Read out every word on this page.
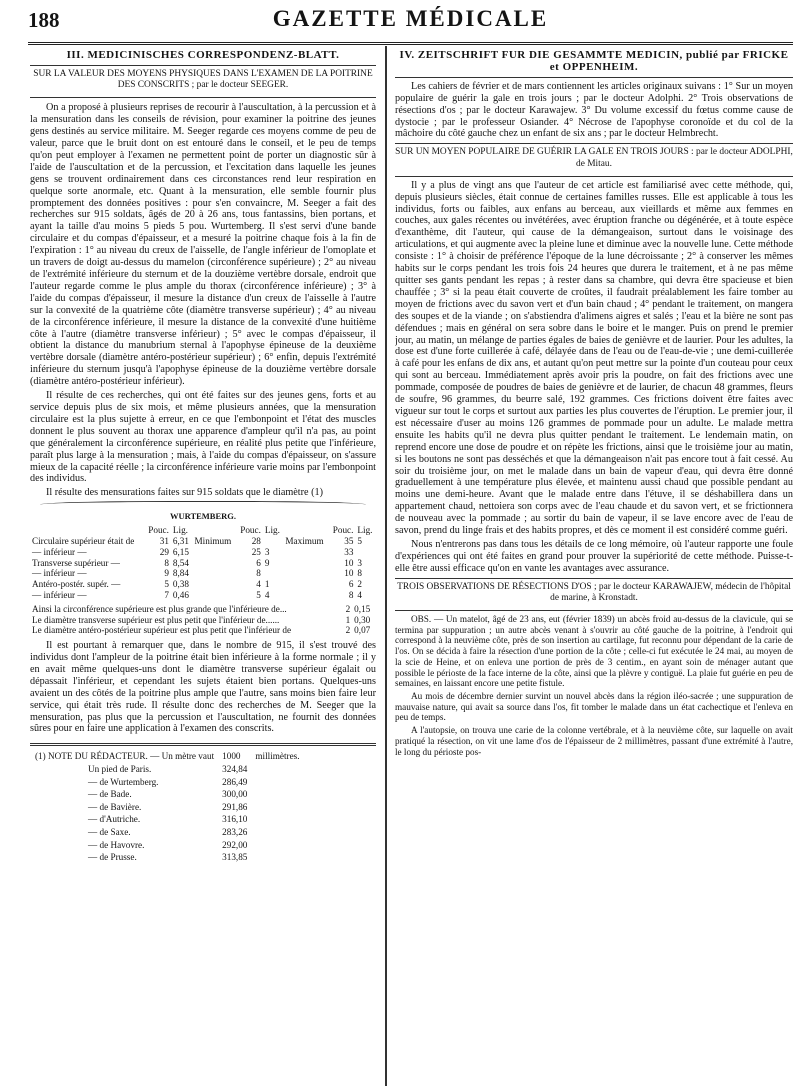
188	GAZETTE MÉDICALE
III. MEDICINISCHES CORRESPONDENZ-BLATT.
SUR LA VALEUR DES MOYENS PHYSIQUES DANS L'EXAMEN DE LA POITRINE DES CONSCRITS ; par le docteur SEEGER.

On a proposé à plusieurs reprises de recourir à l'auscultation, à la percussion et à la mensuration dans les conseils de révision, pour examiner la poitrine des jeunes gens destinés au service militaire. M. Seeger regarde ces moyens comme de peu de valeur, parce que le bruit dont on est entouré dans le conseil, et le peu de temps qu'on peut employer à l'examen ne permettent point de porter un diagnostic sûr à l'aide de l'auscultation et de la percussion, et l'excitation dans laquelle les jeunes gens se trouvent ordinairement dans ces circonstances rend leur respiration en quelque sorte anormale, etc. Quant à la mensuration, elle semble fournir plus promptement des données positives : pour s'en convaincre, M. Seeger a fait des recherches sur 915 soldats, âgés de 20 à 26 ans, tous fantassins, bien portans, et ayant la taille d'au moins 5 pieds 5 pou. Wurtemberg. Il s'est servi d'une bande circulaire et du compas d'épaisseur, et a mesuré la poitrine chaque fois à la fin de l'expiration : 1° au niveau du creux de l'aisselle, de l'angle inférieur de l'omoplate et un travers de doigt au-dessus du mamelon (circonférence supérieure) ; 2° au niveau de l'extrémité inférieure du sternum et de la douzième vertèbre dorsale, endroit que l'auteur regarde comme le plus ample du thorax (circonférence inférieure) ; 3° à l'aide du compas d'épaisseur, il mesure la distance d'un creux de l'aisselle à l'autre sur la convexité de la quatrième côte (diamètre transverse supérieur) ; 4° au niveau de la circonférence inférieure, il mesure la distance de la convexité d'une huitième côte à l'autre (diamètre transverse inférieur) ; 5° avec le compas d'épaisseur, il obtient la distance du manubrium sternal à l'apophyse épineuse de la deuxième vertèbre dorsale (diamètre antéro-postérieur supérieur) ; 6° enfin, depuis l'extrémité inférieure du sternum jusqu'à l'apophyse épineuse de la douzième vertèbre dorsale (diamètre antéro-postérieur inférieur).

Il résulte de ces recherches, qui ont été faites sur des jeunes gens, forts et au service depuis plus de six mois, et même plusieurs années, que la mensuration circulaire est la plus sujette à erreur, en ce que l'embonpoint et l'état des muscles donnent le plus souvent au thorax une apparence d'ampleur qu'il n'a pas, au point que généralement la circonférence supérieure, en réalité plus petite que l'inférieure, paraît plus large à la mensuration ; mais, à l'aide du compas d'épaisseur, on s'assure mieux de la capacité réelle ; la circonférence inférieure varie moins par l'embonpoint des individus.

Il résulte des mensurations faites sur 915 soldats que le diamètre (1)

WURTEMBERG.
	Pouc.	Lig.		Pouc.	Lig.		Pouc.	Lig.
Circulaire supérieur était de	31	6,31	Minimum	28		Maximum	35	5
— inférieur —	29	6,15		25	3		33	
Transverse supérieur —	8	8,54		6	9		10	3
— inférieur —	9	8,84		8			10	8
Antéro-postér. supér. —	5	0,38		4	1		6	2
— inférieur —	7	0,46		5	4		8	4
Ainsi la circonférence supérieure est plus grande que l'inférieure de...	2	0,15
Le diamètre transverse supérieur est plus petit que l'inférieur de......	1	0,30
Le diamètre antéro-postérieur supérieur est plus petit que l'inférieur de	2	0,07

Il est pourtant à remarquer que, dans le nombre de 915, il s'est trouvé des individus dont l'ampleur de la poitrine était bien inférieure à la forme normale ; il y en avait même quelques-uns dont le diamètre transverse supérieur égalait ou dépassait l'inférieur, et cependant les sujets étaient bien portans. Quelques-uns avaient un des côtés de la poitrine plus ample que l'autre, sans moins bien faire leur service, qui était très rude. Il résulte donc des recherches de M. Seeger que la mensuration, pas plus que la percussion et l'auscultation, ne fournit des données sûres pour en faire une application à l'examen des conscrits.

(1) NOTE DU RÉDACTEUR. — Un mètre vaut	1000	millimètres.
Un pied de Paris.	324,84	
— de Wurtemberg.	286,49	
— de Bade.	300,00	
— de Bavière.	291,86	
— d'Autriche.	316,10	
— de Saxe.	283,26	
— de Havovre.	292,00	
— de Prusse.	313,85	
IV. ZEITSCHRIFT FUR DIE GESAMMTE MEDICIN, publié par FRICKE et OPPENHEIM.

Les cahiers de février et de mars contiennent les articles originaux suivans : 1° Sur un moyen populaire de guérir la gale en trois jours ; par le docteur Adolphi. 2° Trois observations de résections d'os ; par le docteur Karawajew. 3° Du volume excessif du fœtus comme cause de dystocie ; par le professeur Osiander. 4° Nécrose de l'apophyse coronoïde et du col de la mâchoire du côté gauche chez un enfant de six ans ; par le docteur Helmbrecht.

SUR UN MOYEN POPULAIRE DE GUÉRIR LA GALE EN TROIS JOURS : par le docteur ADOLPHI, de Mitau.

Il y a plus de vingt ans que l'auteur de cet article est familiarisé avec cette méthode, qui, depuis plusieurs siècles, était connue de certaines familles russes. Elle est applicable à tous les individus, forts ou faibles, aux enfans au berceau, aux vieillards et même aux femmes en couches, aux gales récentes ou invétérées, avec éruption franche ou dégénérée, et à toute espèce d'exanthème, dit l'auteur, qui cause de la démangeaison, surtout dans le voisinage des articulations, et qui augmente avec la pleine lune et diminue avec la nouvelle lune. Cette méthode consiste : 1° à choisir de préférence l'époque de la lune décroissante ; 2° à conserver les mêmes habits sur le corps pendant les trois fois 24 heures que durera le traitement, et à ne pas même quitter ses gants pendant les repas ; à rester dans sa chambre, qui devra être spacieuse et bien chauffée ; 3° si la peau était couverte de croûtes, il faudrait préalablement les faire tomber au moyen de frictions avec du savon vert et d'un bain chaud ; 4° pendant le traitement, on mangera des soupes et de la viande ; on s'abstiendra d'alimens aigres et salés ; l'eau et la bière ne sont pas défendues ; mais en général on sera sobre dans le boire et le manger. Puis on prend le premier jour, au matin, un mélange de parties égales de baies de genièvre et de laurier. Pour les adultes, la dose est d'une forte cuillerée à café, délayée dans de l'eau ou de l'eau-de-vie ; une demi-cuillerée à café pour les enfans de dix ans, et autant qu'on peut mettre sur la pointe d'un couteau pour ceux qui sont au berceau. Immédiatement après avoir pris la poudre, on fait des frictions avec une pommade, composée de poudres de baies de genièvre et de laurier, de chacun 48 grammes, fleurs de soufre, 96 grammes, du beurre salé, 192 grammes. Ces frictions doivent être faites avec vigueur sur tout le corps et surtout aux parties les plus couvertes de l'éruption. Le premier jour, il est nécessaire d'user au moins 126 grammes de pommade pour un adulte. Le malade mettra ensuite les habits qu'il ne devra plus quitter pendant le traitement. Le lendemain matin, on reprend encore une dose de poudre et on répète les frictions, ainsi que le troisième jour au matin, si les boutons ne sont pas desséchés et que la démangeaison n'ait pas encore tout à fait cessé. Au soir du troisième jour, on met le malade dans un bain de vapeur d'eau, qui devra être donné graduellement à une température plus élevée, et maintenu aussi chaud que possible pendant au moins une demi-heure. Avant que le malade entre dans l'étuve, il se déshabillera dans un appartement chaud, nettoiera son corps avec de l'eau chaude et du savon vert, et se frictionnera de nouveau avec la pommade ; au sortir du bain de vapeur, il se lave encore avec de l'eau de savon, prend du linge frais et des habits propres, et dès ce moment il est considéré comme guéri.

Nous n'entrerons pas dans tous les détails de ce long mémoire, où l'auteur rapporte une foule d'expériences qui ont été faites en grand pour prouver la supériorité de cette méthode. Puisse-t-elle être aussi efficace qu'on en vante les avantages avec assurance.

TROIS OBSERVATIONS DE RÉSECTIONS D'OS ; par le docteur KARAWAJEW, médecin de l'hôpital de marine, à Kronstadt.

OBS. — Un matelot, âgé de 23 ans, eut (février 1839) un abcès froid au-dessus de la clavicule, qui se termina par suppuration ; un autre abcès venant à s'ouvrir au côté gauche de la poitrine, à l'endroit qui correspond à la neuvième côte, près de son insertion au cartilage, fut reconnu pour dépendant de la carie de l'os. On se décida à faire la résection d'une portion de la côte ; celle-ci fut exécutée le 24 mai, au moyen de la scie de Heine, et on enleva une portion de près de 3 centim., en ayant soin de ménager autant que possible le périoste de la face interne de la côte, ainsi que la plèvre y contiguë. La plaie fut guérie en peu de semaines, en laissant encore une petite fistule.

Au mois de décembre dernier survint un nouvel abcès dans la région iléo-sacrée ; une suppuration de mauvaise nature, qui avait sa source dans l'os, fit tomber le malade dans un état cachectique et l'enleva en peu de temps.

A l'autopsie, on trouva une carie de la colonne vertébrale, et à la neuvième côte, sur laquelle on avait pratiqué la résection, on vit une lame d'os de l'épaisseur de 2 millimètres, passant d'une extrémité à l'autre, le long du périoste pos-
